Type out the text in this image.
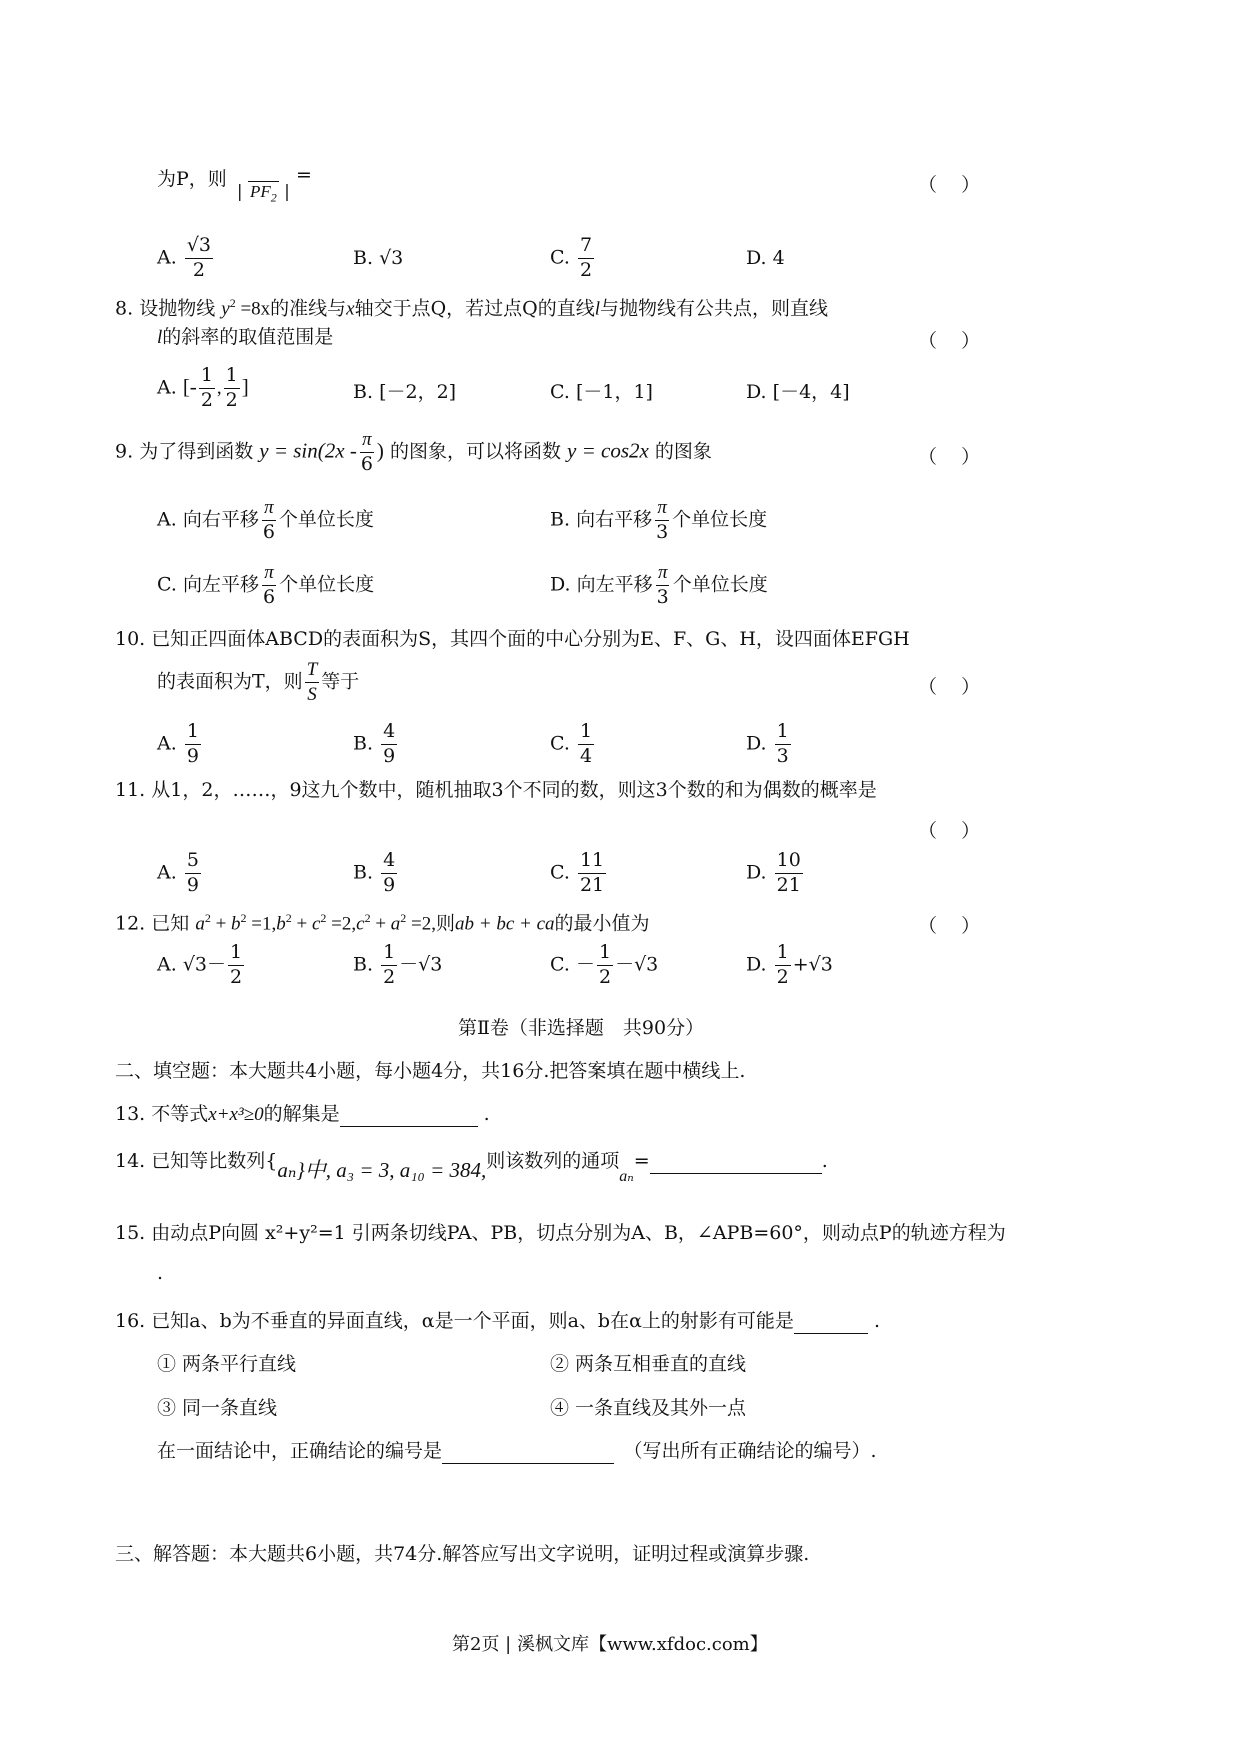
为P，则 | $PF_2$ | =	（    ）
A. $\frac{√3}{2}$	B. √3	C. $\frac{7}{2}$	D. 4
8. 设抛物线 $y^2 =8x$的准线与x轴交于点Q，若过点Q的直线l与抛物线有公共点，则直线
l的斜率的取值范围是	（    ）
A. [- $\frac{1}{2}$ , $\frac{1}{2}$ ]	B. [－2，2]	C. [－1，1]	D. [－4，4]
9. 为了得到函数 $y = \sin(2x - \frac{\pi}{6}$ ) 的图象，可以将函数 y = cos2x 的图象	（    ）
A. 向右平移 $\frac{\pi}{6}$ 个单位长度	B. 向右平移 $\frac{\pi}{3}$ 个单位长度
C. 向左平移 $\frac{\pi}{6}$ 个单位长度	D. 向左平移 $\frac{\pi}{3}$ 个单位长度
10. 已知正四面体ABCD的表面积为S，其四个面的中心分别为E、F、G、H，设四面体EFGH
的表面积为T，则 $\frac{T}{S}$ 等于	（    ）
A. $\frac{1}{9}$	B. $\frac{4}{9}$	C. $\frac{1}{4}$	D. $\frac{1}{3}$
11. 从1，2，……，9这九个数中，随机抽取3个不同的数，则这3个数的和为偶数的概率是
（    ）
A. $\frac{5}{9}$	B. $\frac{4}{9}$	C. $\frac{11}{21}$	D. $\frac{10}{21}$
12. 已知 $a^2 + b^2 =1,b^2 + c^2 =2,c^2 + a^2 =2$,则ab + bc + ca的最小值为	（    ）
A. $√3- \frac{1}{2}$	B. $\frac{1}{2} -√3$	C. － $\frac{1}{2} -√3$	D. $\frac{1}{2} +√3$
第Ⅱ卷（非选择题　共90分）
二、填空题：本大题共4小题，每小题4分，共16分.把答案填在题中横线上.
13. 不等式x+x³≥0的解集是	.
14. 已知等比数列{aₙ}中, a₃ = 3, a₁₀ = 384,则该数列的通项$_{a_n}$=	.
15. 由动点P向圆 x²+y²=1 引两条切线PA、PB，切点分别为A、B，∠APB=60°，则动点P的轨迹方程为
.
16. 已知a、b为不垂直的异面直线，α是一个平面，则a、b在α上的射影有可能是	.
① 两条平行直线	② 两条互相垂直的直线
③ 同一条直线	④ 一条直线及其外一点
在一面结论中，正确结论的编号是 　	（写出所有正确结论的编号）.
三、解答题：本大题共6小题，共74分.解答应写出文字说明，证明过程或演算步骤.
第2页 | 溪枫文库【www.xfdoc.com】
